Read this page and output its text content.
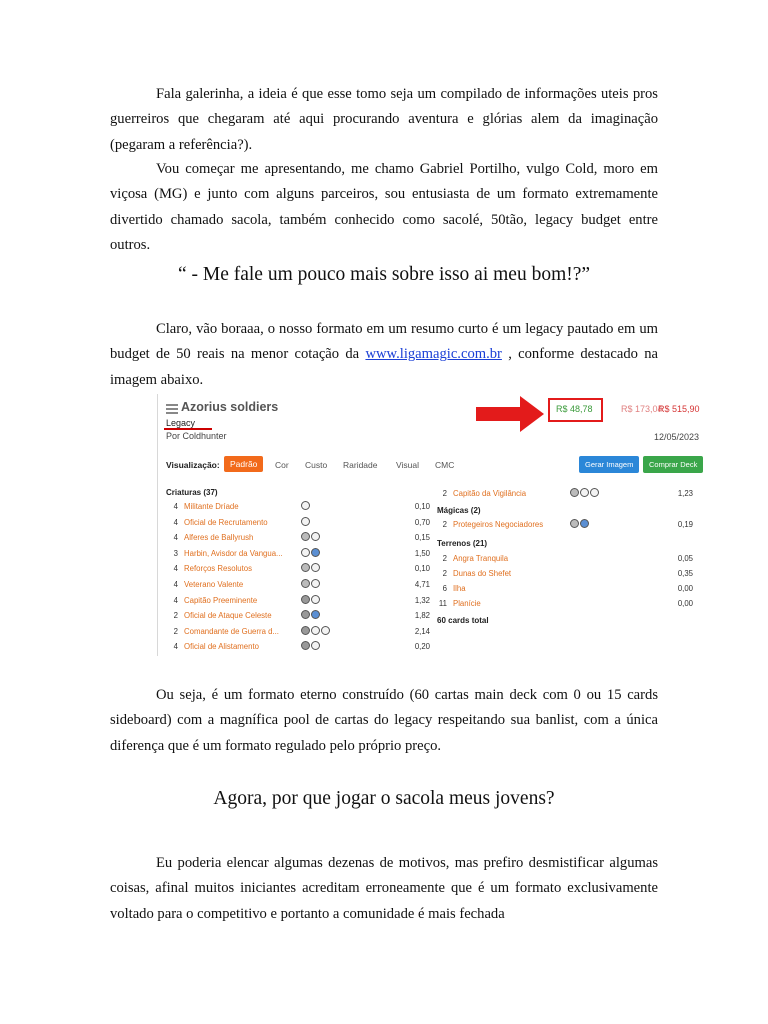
Fala galerinha, a ideia é que esse tomo seja um compilado de informações uteis pros guerreiros que chegaram até aqui procurando aventura e glórias alem da imaginação (pegaram a referência?).
Vou começar me apresentando, me chamo Gabriel Portilho, vulgo Cold, moro em viçosa (MG) e junto com alguns parceiros, sou entusiasta de um formato extremamente divertido chamado sacola, também conhecido como sacolé, 50tão, legacy budget entre outros.
“ - Me fale um pouco mais sobre isso ai meu bom!?”
Claro, vão boraaa, o nosso formato em um resumo curto é um legacy pautado em um budget de 50 reais na menor cotação da www.ligamagic.com.br , conforme destacado na imagem abaixo.
Azorius soldiers
Legacy
Por Coldhunter
R$ 48,78	R$ 173,04
R$ 515,90
12/05/2023
Visualização:	Padrão	Cor Custo Raridade Visual CMC	Gerar Imagem	Comprar Deck
Criaturas (37)
4 Militante Dríade	0,10
4 Oficial de Recrutamento	0,70
4 Alferes de Ballyrush	0,15
3 Harbin, Avisdor da Vangua...	1,50
4 Reforços Resolutos	0,10
4 Veterano Valente	4,71
4 Capitão Preeminente	1,32
2 Oficial de Ataque Celeste	1,82
2 Comandante de Guerra d...	2,14
4 Oficial de Alistamento	0,20
2 Capitão da Vigilância	1,23
Mágicas (2)
2 Protegeiros Negociadores	0,19
Terrenos (21)
2 Angra Tranquila	0,05
2 Dunas do Shefet	0,35
6 Ilha	0,00
11 Planície	0,00
60 cards total
Ou seja, é um formato eterno construído (60 cartas main deck com 0 ou 15 cards sideboard) com a magnífica pool de cartas do legacy respeitando sua banlist, com a única diferença que é um formato regulado pelo próprio preço.
Agora, por que jogar o sacola meus jovens?
Eu poderia elencar algumas dezenas de motivos, mas prefiro desmistificar algumas coisas, afinal muitos iniciantes acreditam erroneamente que é um formato exclusivamente voltado para o competitivo e portanto a comunidade é mais fechada
